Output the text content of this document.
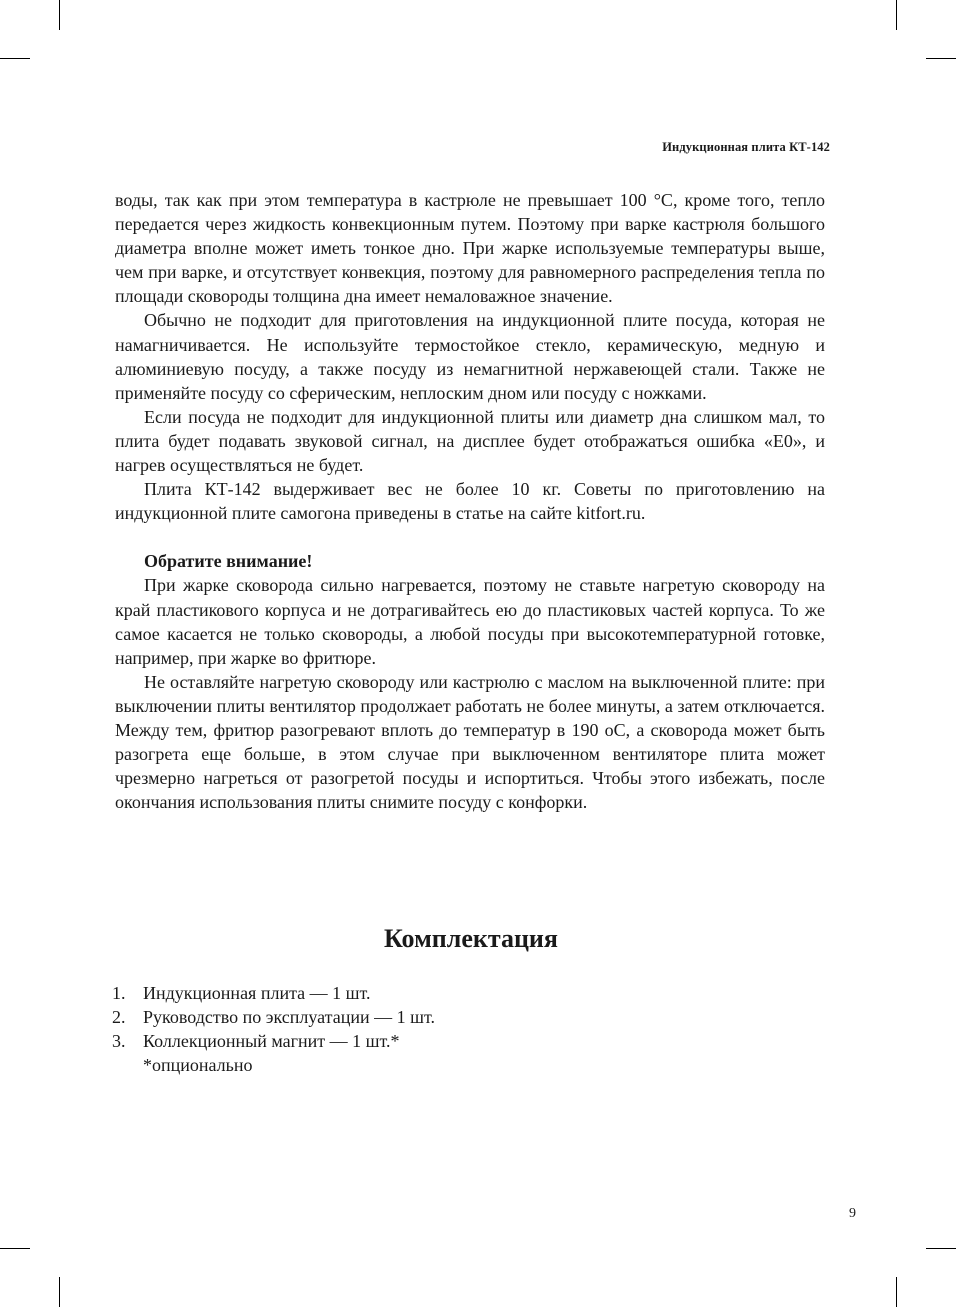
Индукционная плита КТ-142

воды, так как при этом температура в кастрюле не превышает 100 °С, кроме того, тепло передается через жидкость конвекционным путем. Поэтому при варке кастрюля большого диаметра вполне может иметь тонкое дно. При жарке используемые температуры выше, чем при варке, и отсутствует конвекция, поэтому для равномерного распределения тепла по площади сковороды толщина дна имеет немаловажное значение.

Обычно не подходит для приготовления на индукционной плите посуда, которая не намагничивается. Не используйте термостойкое стекло, керамическую, медную и алюминиевую посуду, а также посуду из немагнитной нержавеющей стали. Также не применяйте посуду со сферическим, неплоским дном или посуду с ножками.

Если посуда не подходит для индукционной плиты или диаметр дна слишком мал, то плита будет подавать звуковой сигнал, на дисплее будет отображаться ошибка «Е0», и нагрев осуществляться не будет.

Плита КТ-142 выдерживает вес не более 10 кг. Советы по приготовлению на индукционной плите самогона приведены в статье на сайте kitfort.ru.

Обратите внимание!

При жарке сковорода сильно нагревается, поэтому не ставьте нагретую сковороду на край пластикового корпуса и не дотрагивайтесь ею до пластиковых частей корпуса. То же самое касается не только сковороды, а любой посуды при высокотемпературной готовке, например, при жарке во фритюре.

Не оставляйте нагретую сковороду или кастрюлю с маслом на выключенной плите: при выключении плиты вентилятор продолжает работать не более минуты, а затем отключается. Между тем, фритюр разогревают вплоть до температур в 190 оС, а сковорода может быть разогрета еще больше, в этом случае при выключенном вентиляторе плита может чрезмерно нагреться от разогретой посуды и испортиться. Чтобы этого избежать, после окончания использования плиты снимите посуду с конфорки.

Комплектация
1. Индукционная плита — 1 шт.
2. Руководство по эксплуатации — 1 шт.
3. Коллекционный магнит — 1 шт.*
*опционально
9
